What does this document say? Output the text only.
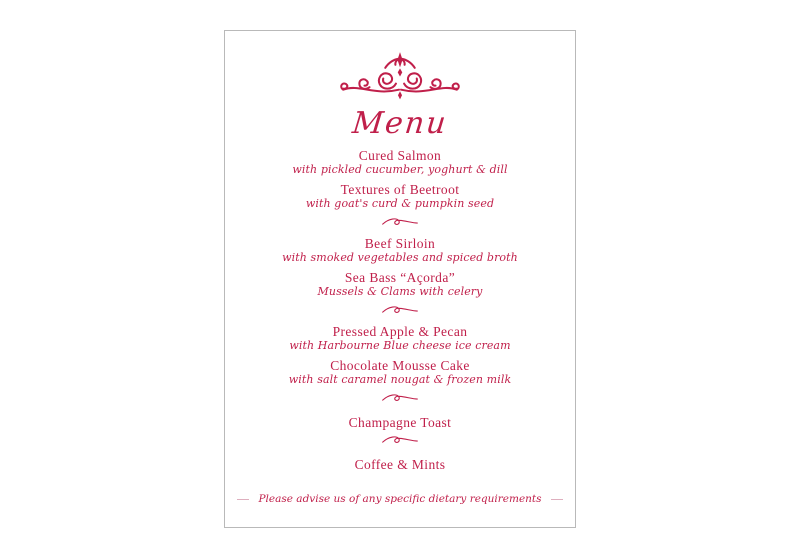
Menu
Cured Salmon
with pickled cucumber, yoghurt & dill
Textures of Beetroot
with goat's curd & pumpkin seed
Beef Sirloin
with smoked vegetables and spiced broth
Sea Bass “Açorda”
Mussels & Clams with celery
Pressed Apple & Pecan
with Harbourne Blue cheese ice cream
Chocolate Mousse Cake
with salt caramel nougat & frozen milk
Champagne Toast
Coffee & Mints
Please advise us of any specific dietary requirements
